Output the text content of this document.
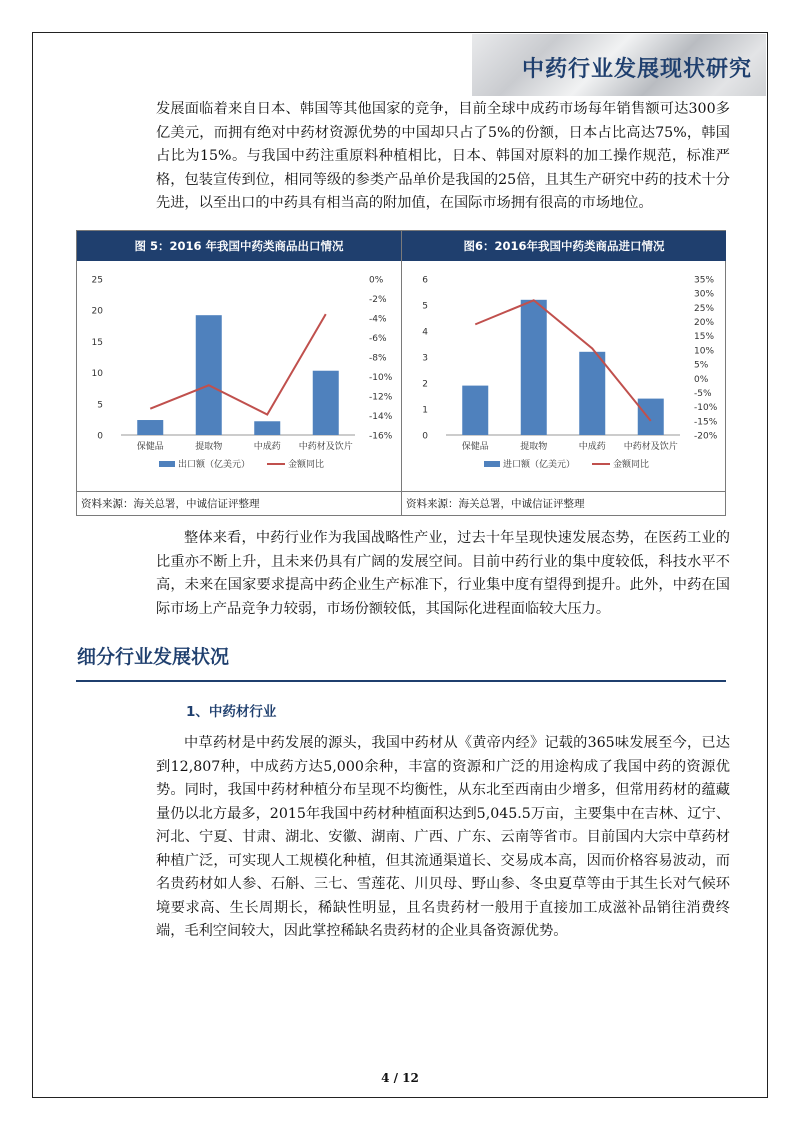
中药行业发展现状研究

发展面临着来自日本、韩国等其他国家的竞争，目前全球中成药市场每年销售额可达300多亿美元，而拥有绝对中药材资源优势的中国却只占了5%的份额，日本占比高达75%，韩国占比为15%。与我国中药注重原料种植相比，日本、韩国对原料的加工操作规范，标准严格，包装宣传到位，相同等级的参类产品单价是我国的25倍，且其生产研究中药的技术十分先进，以至出口的中药具有相当高的附加值，在国际市场拥有很高的市场地位。

图 5：2016 年我国中药类商品出口情况
0
5
10
15
20
25
-16%
-14%
-12%
-10%
-8%
-6%
-4%
-2%
0%
保健品	提取物	中成药 中药材及饮片
出口额（亿美元）	金额同比
资料来源：海关总署，中诚信证评整理
图6：2016年我国中药类商品进口情况
0
1
2
3
4
5
6
-20%
-15%
-10%
-5%
0%
5%
10%
15%
20%
25%
30%
35%
保健品	提取物	中成药 中药材及饮片
进口额（亿美元）	金额同比
资料来源：海关总署，中诚信证评整理

整体来看，中药行业作为我国战略性产业，过去十年呈现快速发展态势，在医药工业的比重亦不断上升，且未来仍具有广阔的发展空间。目前中药行业的集中度较低，科技水平不高，未来在国家要求提高中药企业生产标准下，行业集中度有望得到提升。此外，中药在国际市场上产品竞争力较弱，市场份额较低，其国际化进程面临较大压力。

细分行业发展状况
1、中药材行业

中草药材是中药发展的源头，我国中药材从《黄帝内经》记载的365味发展至今，已达到12,807种，中成药方达5,000余种，丰富的资源和广泛的用途构成了我国中药的资源优势。同时，我国中药材种植分布呈现不均衡性，从东北至西南由少增多，但常用药材的蕴藏量仍以北方最多，2015年我国中药材种植面积达到5,045.5万亩，主要集中在吉林、辽宁、河北、宁夏、甘肃、湖北、安徽、湖南、广西、广东、云南等省市。目前国内大宗中草药材种植广泛，可实现人工规模化种植，但其流通渠道长、交易成本高，因而价格容易波动，而名贵药材如人参、石斛、三七、雪莲花、川贝母、野山参、冬虫夏草等由于其生长对气候环境要求高、生长周期长，稀缺性明显，且名贵药材一般用于直接加工成滋补品销往消费终端，毛利空间较大，因此掌控稀缺名贵药材的企业具备资源优势。

4 / 12
